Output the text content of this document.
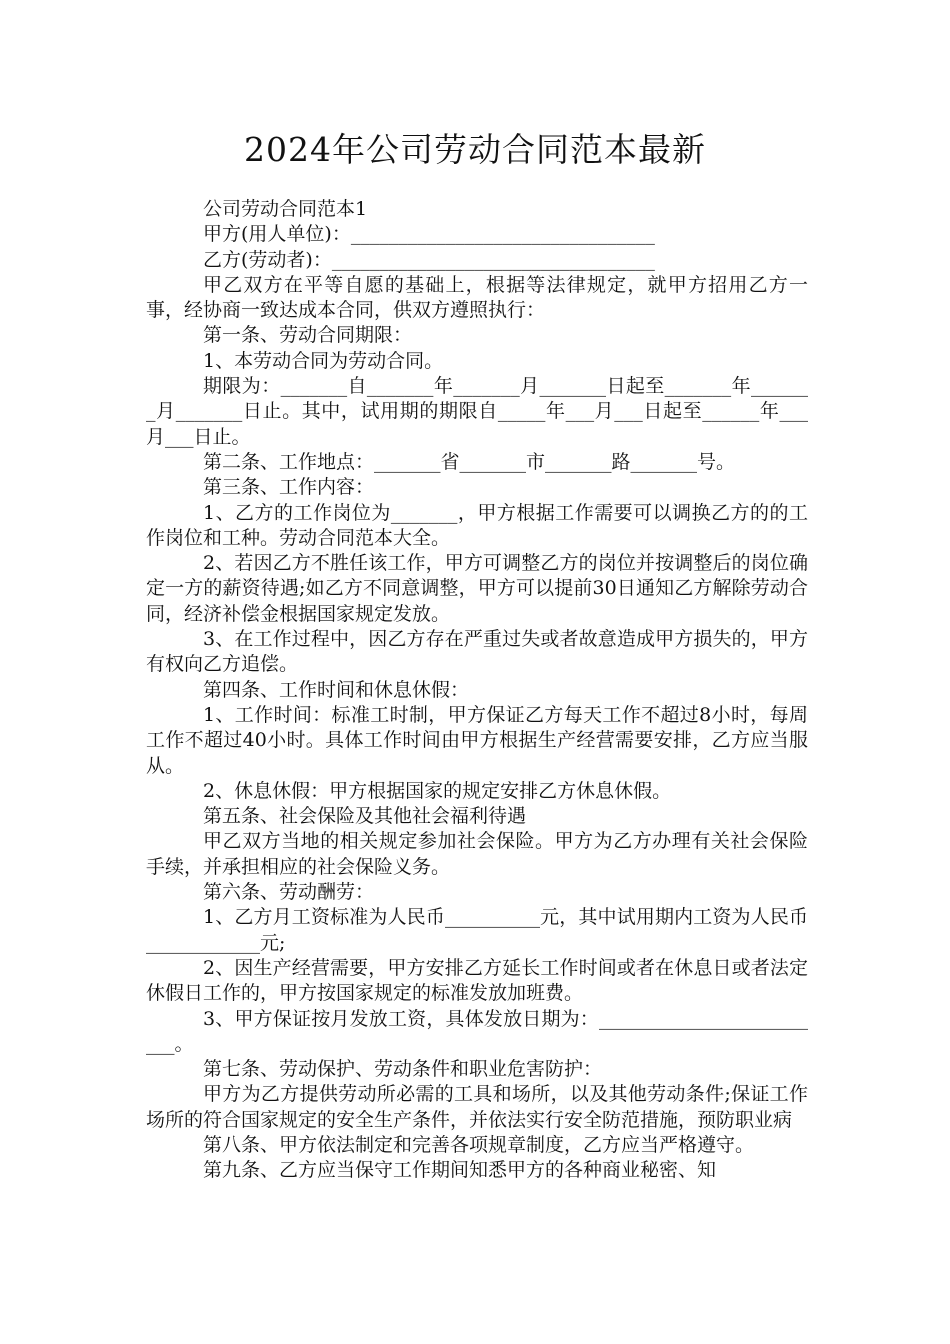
2024年公司劳动合同范本最新

公司劳动合同范本1

甲方(用人单位)：________________________________

乙方(劳动者)：__________________________________

甲乙双方在平等自愿的基础上，根据等法律规定，就甲方招用乙方一事，经协商一致达成本合同，供双方遵照执行：

第一条、劳动合同期限：

1、本劳动合同为劳动合同。

期限为：_______自_______年_______月_______日起至_______年_______月_______日止。其中，试用期的期限自_____年___月___日起至______年___月___日止。

第二条、工作地点：_______省_______市_______路_______号。

第三条、工作内容：

1、乙方的工作岗位为_______，甲方根据工作需要可以调换乙方的的工作岗位和工种。劳动合同范本大全。

2、若因乙方不胜任该工作，甲方可调整乙方的岗位并按调整后的岗位确定一方的薪资待遇;如乙方不同意调整，甲方可以提前30日通知乙方解除劳动合同，经济补偿金根据国家规定发放。

3、在工作过程中，因乙方存在严重过失或者故意造成甲方损失的，甲方有权向乙方追偿。

第四条、工作时间和休息休假：

1、工作时间：标准工时制，甲方保证乙方每天工作不超过8小时，每周工作不超过40小时。具体工作时间由甲方根据生产经营需要安排，乙方应当服从。

2、休息休假：甲方根据国家的规定安排乙方休息休假。

第五条、社会保险及其他社会福利待遇

甲乙双方当地的相关规定参加社会保险。甲方为乙方办理有关社会保险手续，并承担相应的社会保险义务。

第六条、劳动酬劳：

1、乙方月工资标准为人民币__________元，其中试用期内工资为人民币____________元;

2、因生产经营需要，甲方安排乙方延长工作时间或者在休息日或者法定休假日工作的，甲方按国家规定的标准发放加班费。

3、甲方保证按月发放工资，具体发放日期为：_________________________。

第七条、劳动保护、劳动条件和职业危害防护：

甲方为乙方提供劳动所必需的工具和场所，以及其他劳动条件;保证工作场所的符合国家规定的安全生产条件，并依法实行安全防范措施，预防职业病

第八条、甲方依法制定和完善各项规章制度，乙方应当严格遵守。

第九条、乙方应当保守工作期间知悉甲方的各种商业秘密、知
